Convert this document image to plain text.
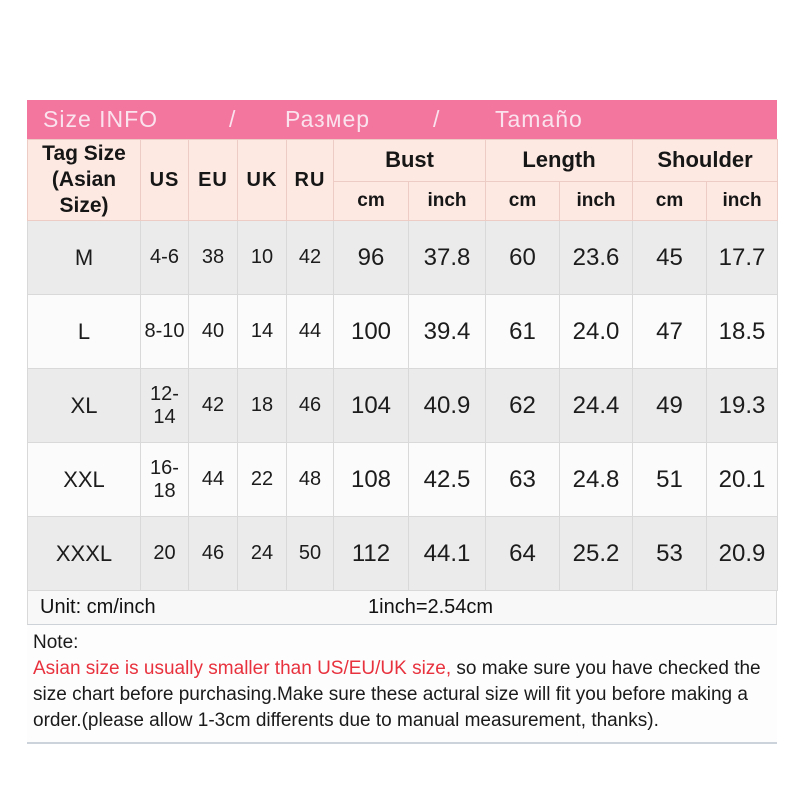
Size INFO	/ Размер	/ Tamaño
Tag Size
(Asian Size)	US	EU	UK	RU	Bust		Length		Shoulder	
					cm	inch	cm	inch	cm	inch
M	4-6	38	10	42	96	37.8	60	23.6	45	17.7
L	8-10	40	14	44	100	39.4	61	24.0	47	18.5
XL	12-14	42	18	46	104	40.9	62	24.4	49	19.3
XXL	16-18	44	22	48	108	42.5	63	24.8	51	20.1
XXXL	20	46	24	50	112	44.1	64	25.2	53	20.9
Unit: cm/inch	1inch=2.54cm
Note:
Asian size is usually smaller than US/EU/UK size, so make sure you have checked the
size chart before purchasing.Make sure these actural size will fit you before making a
order.(please allow 1-3cm differents due to manual measurement, thanks).
